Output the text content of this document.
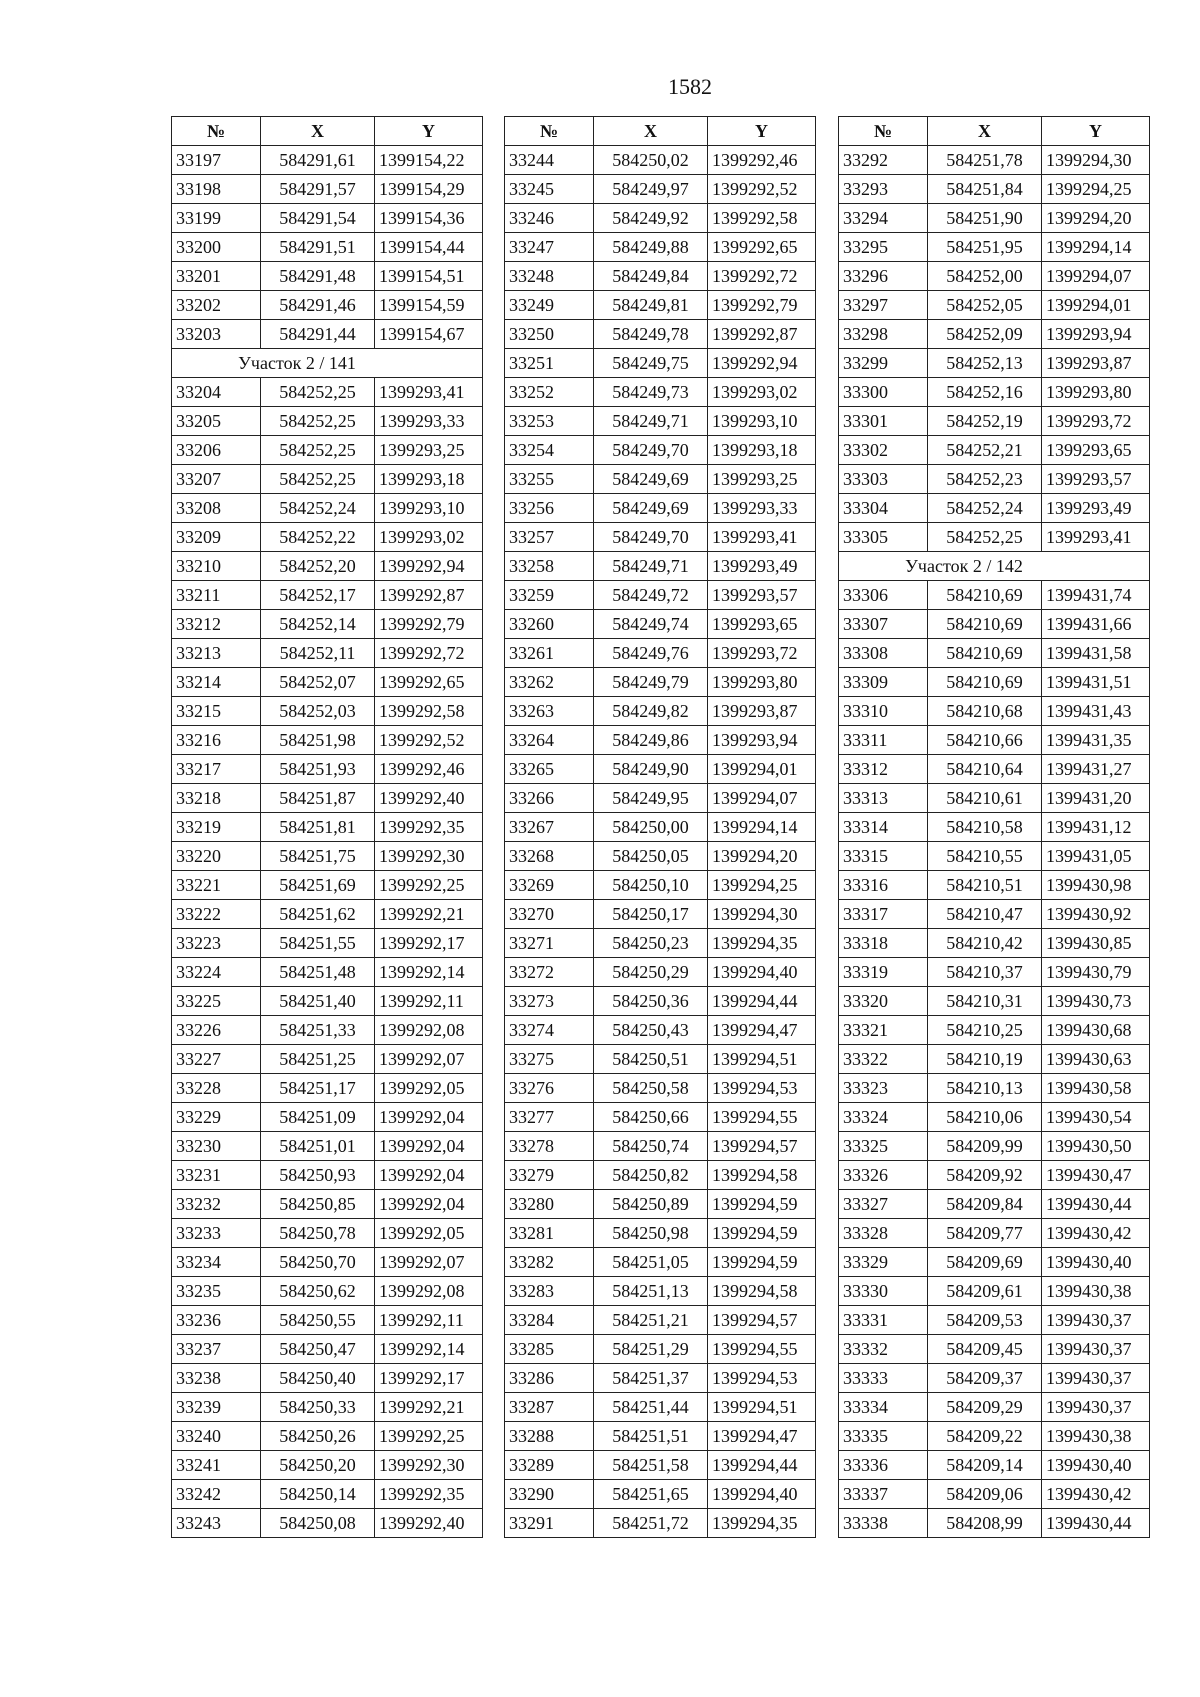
1582
№	X	Y
33197	584291,61	1399154,22
33198	584291,57	1399154,29
33199	584291,54	1399154,36
33200	584291,51	1399154,44
33201	584291,48	1399154,51
33202	584291,46	1399154,59
33203	584291,44	1399154,67
Участок 2 / 141		
33204	584252,25	1399293,41
33205	584252,25	1399293,33
33206	584252,25	1399293,25
33207	584252,25	1399293,18
33208	584252,24	1399293,10
33209	584252,22	1399293,02
33210	584252,20	1399292,94
33211	584252,17	1399292,87
33212	584252,14	1399292,79
33213	584252,11	1399292,72
33214	584252,07	1399292,65
33215	584252,03	1399292,58
33216	584251,98	1399292,52
33217	584251,93	1399292,46
33218	584251,87	1399292,40
33219	584251,81	1399292,35
33220	584251,75	1399292,30
33221	584251,69	1399292,25
33222	584251,62	1399292,21
33223	584251,55	1399292,17
33224	584251,48	1399292,14
33225	584251,40	1399292,11
33226	584251,33	1399292,08
33227	584251,25	1399292,07
33228	584251,17	1399292,05
33229	584251,09	1399292,04
33230	584251,01	1399292,04
33231	584250,93	1399292,04
33232	584250,85	1399292,04
33233	584250,78	1399292,05
33234	584250,70	1399292,07
33235	584250,62	1399292,08
33236	584250,55	1399292,11
33237	584250,47	1399292,14
33238	584250,40	1399292,17
33239	584250,33	1399292,21
33240	584250,26	1399292,25
33241	584250,20	1399292,30
33242	584250,14	1399292,35
33243	584250,08	1399292,40
№	X	Y
33244	584250,02	1399292,46
33245	584249,97	1399292,52
33246	584249,92	1399292,58
33247	584249,88	1399292,65
33248	584249,84	1399292,72
33249	584249,81	1399292,79
33250	584249,78	1399292,87
33251	584249,75	1399292,94
33252	584249,73	1399293,02
33253	584249,71	1399293,10
33254	584249,70	1399293,18
33255	584249,69	1399293,25
33256	584249,69	1399293,33
33257	584249,70	1399293,41
33258	584249,71	1399293,49
33259	584249,72	1399293,57
33260	584249,74	1399293,65
33261	584249,76	1399293,72
33262	584249,79	1399293,80
33263	584249,82	1399293,87
33264	584249,86	1399293,94
33265	584249,90	1399294,01
33266	584249,95	1399294,07
33267	584250,00	1399294,14
33268	584250,05	1399294,20
33269	584250,10	1399294,25
33270	584250,17	1399294,30
33271	584250,23	1399294,35
33272	584250,29	1399294,40
33273	584250,36	1399294,44
33274	584250,43	1399294,47
33275	584250,51	1399294,51
33276	584250,58	1399294,53
33277	584250,66	1399294,55
33278	584250,74	1399294,57
33279	584250,82	1399294,58
33280	584250,89	1399294,59
33281	584250,98	1399294,59
33282	584251,05	1399294,59
33283	584251,13	1399294,58
33284	584251,21	1399294,57
33285	584251,29	1399294,55
33286	584251,37	1399294,53
33287	584251,44	1399294,51
33288	584251,51	1399294,47
33289	584251,58	1399294,44
33290	584251,65	1399294,40
33291	584251,72	1399294,35
№	X	Y
33292	584251,78	1399294,30
33293	584251,84	1399294,25
33294	584251,90	1399294,20
33295	584251,95	1399294,14
33296	584252,00	1399294,07
33297	584252,05	1399294,01
33298	584252,09	1399293,94
33299	584252,13	1399293,87
33300	584252,16	1399293,80
33301	584252,19	1399293,72
33302	584252,21	1399293,65
33303	584252,23	1399293,57
33304	584252,24	1399293,49
33305	584252,25	1399293,41
Участок 2 / 142		
33306	584210,69	1399431,74
33307	584210,69	1399431,66
33308	584210,69	1399431,58
33309	584210,69	1399431,51
33310	584210,68	1399431,43
33311	584210,66	1399431,35
33312	584210,64	1399431,27
33313	584210,61	1399431,20
33314	584210,58	1399431,12
33315	584210,55	1399431,05
33316	584210,51	1399430,98
33317	584210,47	1399430,92
33318	584210,42	1399430,85
33319	584210,37	1399430,79
33320	584210,31	1399430,73
33321	584210,25	1399430,68
33322	584210,19	1399430,63
33323	584210,13	1399430,58
33324	584210,06	1399430,54
33325	584209,99	1399430,50
33326	584209,92	1399430,47
33327	584209,84	1399430,44
33328	584209,77	1399430,42
33329	584209,69	1399430,40
33330	584209,61	1399430,38
33331	584209,53	1399430,37
33332	584209,45	1399430,37
33333	584209,37	1399430,37
33334	584209,29	1399430,37
33335	584209,22	1399430,38
33336	584209,14	1399430,40
33337	584209,06	1399430,42
33338	584208,99	1399430,44
